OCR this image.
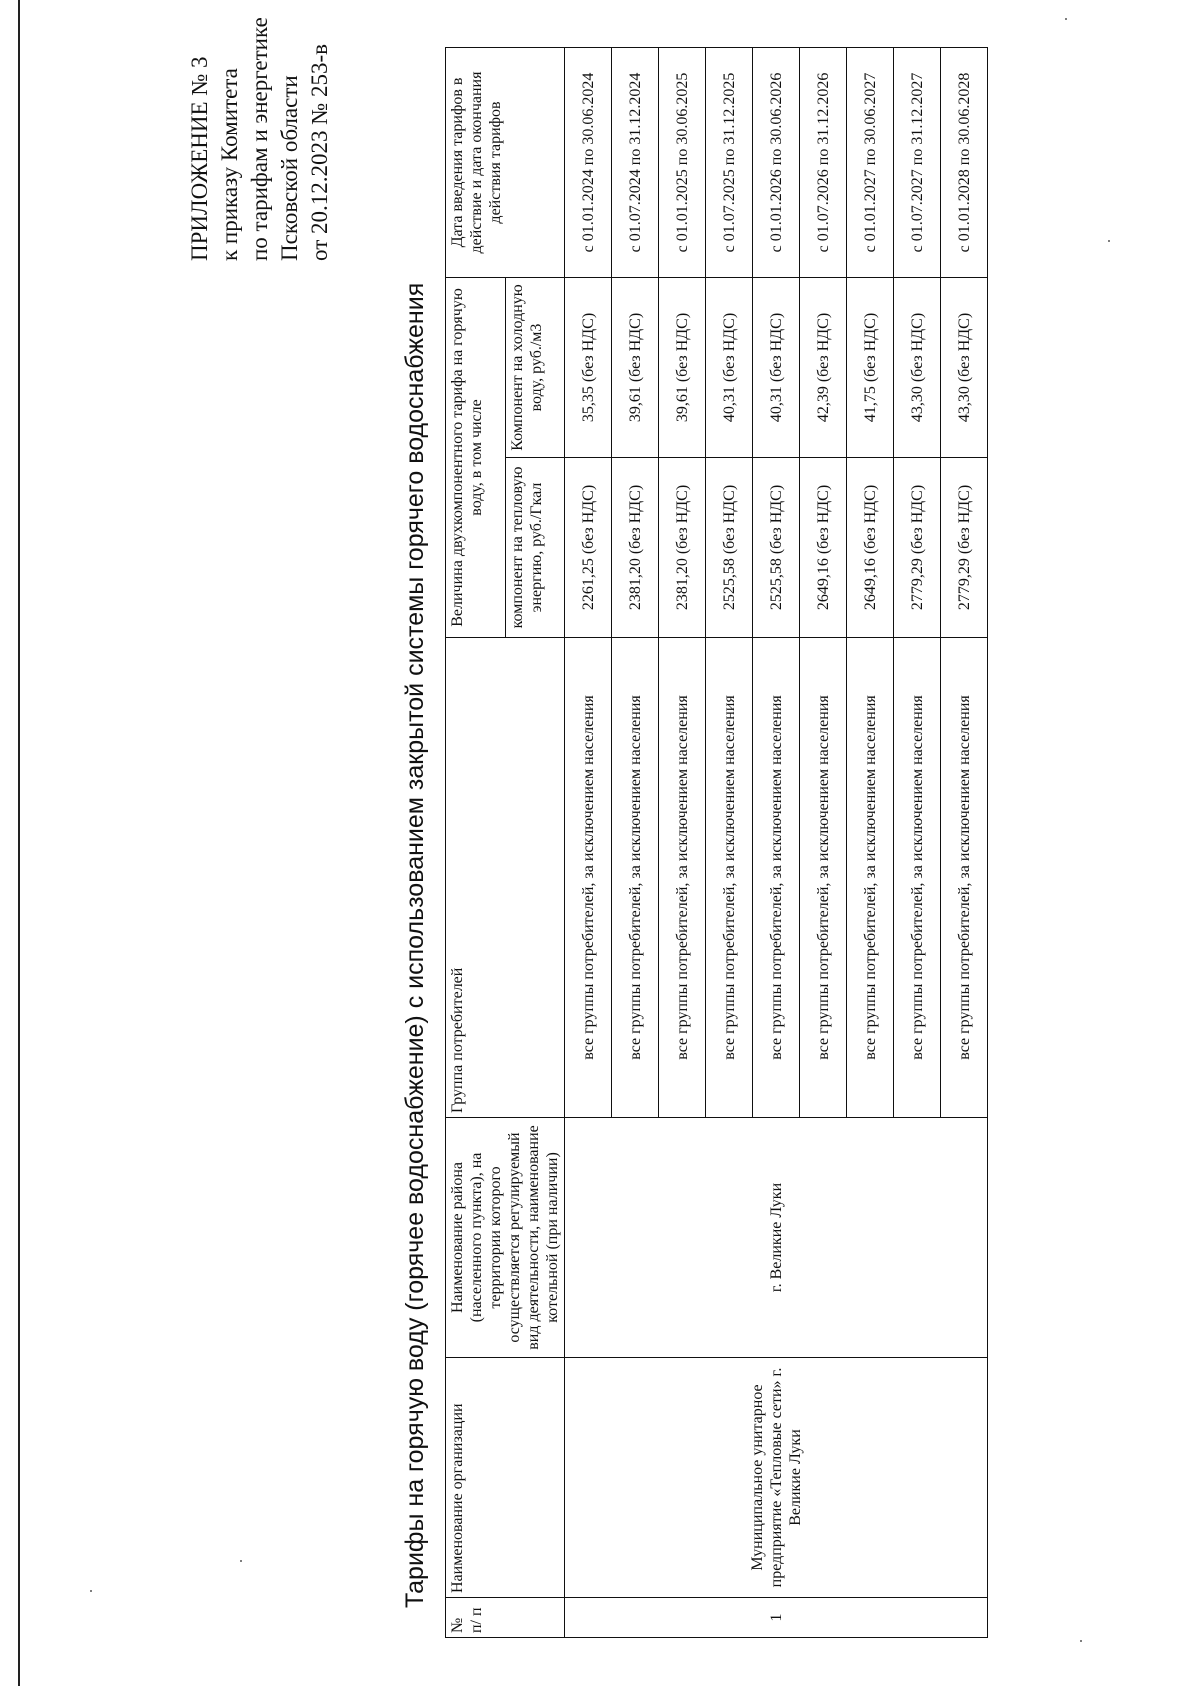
ПРИЛОЖЕНИЕ № 3 к приказу Комитета по тарифам и энергетике Псковской области от 20.12.2023 № 253-в
Тарифы на горячую воду (горячее водоснабжение) с использованием закрытой системы горячего водоснабжения
№ п/ п	Наименование организации	Наименование района (населенного пункта), на территории которого осуществляется регулируемый вид деятельности, наименование котельной (при наличии)	Группа потребителей	Величина двухкомпонентного тарифа на горячую воду, в том числе		Дата введения тарифов в действие и дата окончания действия тарифов
				компонент на тепловую энергию, руб./Гкал	Компонент на холодную воду, руб./м3	
1	Муниципальное унитарное предприятие «Тепловые сети» г. Великие Луки	г. Великие Луки	все группы потребителей, за исключением населения	2261,25 (без НДС)	35,35 (без НДС)	с 01.01.2024 по 30.06.2024
			все группы потребителей, за исключением населения	2381,20 (без НДС)	39,61 (без НДС)	с 01.07.2024 по 31.12.2024
			все группы потребителей, за исключением населения	2381,20 (без НДС)	39,61 (без НДС)	с 01.01.2025 по 30.06.2025
			все группы потребителей, за исключением населения	2525,58 (без НДС)	40,31 (без НДС)	с 01.07.2025 по 31.12.2025
			все группы потребителей, за исключением населения	2525,58 (без НДС)	40,31 (без НДС)	с 01.01.2026 по 30.06.2026
			все группы потребителей, за исключением населения	2649,16 (без НДС)	42,39 (без НДС)	с 01.07.2026 по 31.12.2026
			все группы потребителей, за исключением населения	2649,16 (без НДС)	41,75 (без НДС)	с 01.01.2027 по 30.06.2027
			все группы потребителей, за исключением населения	2779,29 (без НДС)	43,30 (без НДС)	с 01.07.2027 по 31.12.2027
			все группы потребителей, за исключением населения	2779,29 (без НДС)	43,30 (без НДС)	с 01.01.2028 по 30.06.2028
